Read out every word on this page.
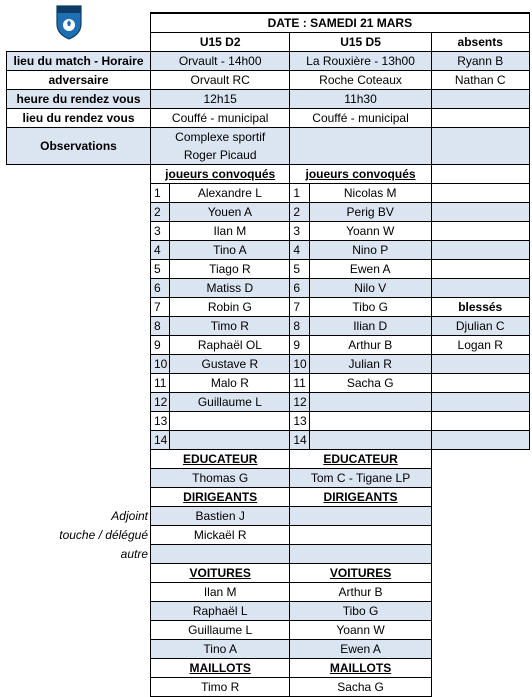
	DATE : SAMEDI 21 MARS				
	U15 D2		U15 D5		absents
lieu du match - Horaire	Orvault - 14h00		La Rouxière - 13h00		Ryann B
adversaire	Orvault RC		Roche Coteaux		Nathan C
heure du rendez vous	12h15		11h30		
lieu du rendez vous	Couffé - municipal		Couffé - municipal		
Observations	Complexe sportif
Roger Picaud				

	joueurs convoqués		joueurs convoqués		
	1	Alexandre L	1	Nicolas M	
	2	Youen A	2	Perig BV	
	3	Ilan M	3	Yoann W	
	4	Tino A	4	Nino P	
	5	Tiago R	5	Ewen A	
	6	Matiss D	6	Nilo V	
	7	Robin G	7	Tibo G	blessés
	8	Timo R	8	Ilian D	Djulian C
	9	Raphaël OL	9	Arthur B	Logan R
	10	Gustave R	10	Julian R	
	11	Malo R	11	Sacha G	
	12	Guillaume L	12		
	13		13		
	14		14		
	EDUCATEUR		EDUCATEUR		
	Thomas G		Tom C - Tigane LP		
	DIRIGEANTS		DIRIGEANTS		
Adjoint	Bastien J				
touche / délégué	Mickaël R				
autre					
	VOITURES		VOITURES		
	Ilan M		Arthur B		
	Raphaël L		Tibo G		
	Guillaume L		Yoann W		
	Tino A		Ewen A		
	MAILLOTS		MAILLOTS		
	Timo R		Sacha G		
